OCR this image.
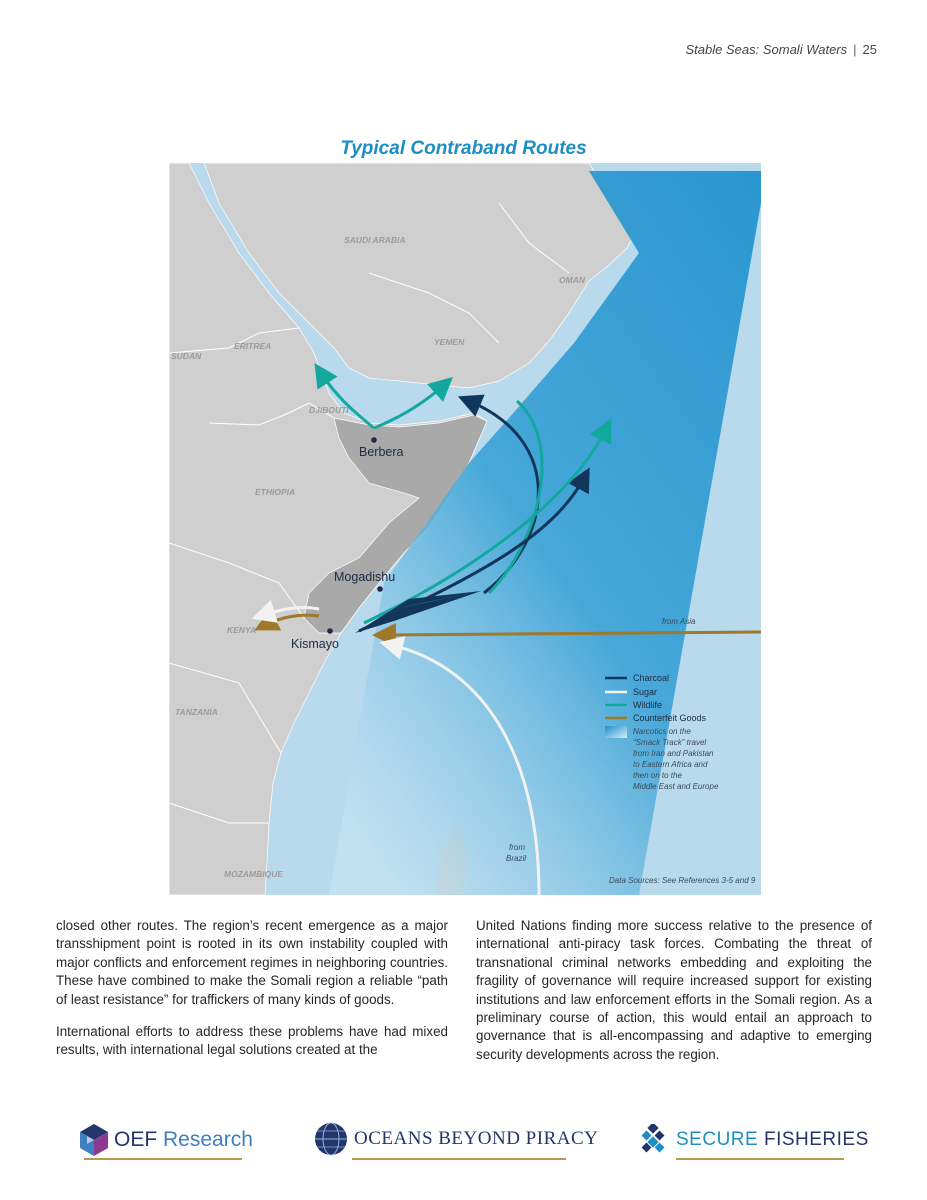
Stable Seas: Somali Waters | 25
Typical Contraband Routes
SAUDI ARABIA
OMAN
YEMEN
ERITREA
SUDAN
DJIBOUTI
ETHIOPIA
KENYA
TANZANIA
MOZAMBIQUE
Berbera
Mogadishu
Kismayo
from Asia
from
Brazil
Charcoal
Sugar
Wildlife
Counterfeit Goods
Narcotics on the
“Smack Track” travel
from Iran and Pakistan
to Eastern Africa and
then on to the
Middle East and Europe
Data Sources: See References 3-5 and 9

closed other routes. The region’s recent emergence as a major transshipment point is rooted in its own instability coupled with major conflicts and enforcement regimes in neighboring countries. These have combined to make the Somali region a reliable “path of least resistance” for traffickers of many kinds of goods.

International efforts to address these problems have had mixed results, with international legal solutions created at the

United Nations finding more success relative to the presence of international anti-piracy task forces. Combating the threat of transnational criminal networks embedding and exploiting the fragility of governance will require increased support for existing institutions and law enforcement efforts in the Somali region. As a preliminary course of action, this would entail an approach to governance that is all-encompassing and adaptive to emerging security developments across the region.

OEF Research	OCEANS BEYOND PIRACY	SECURE FISHERIES
